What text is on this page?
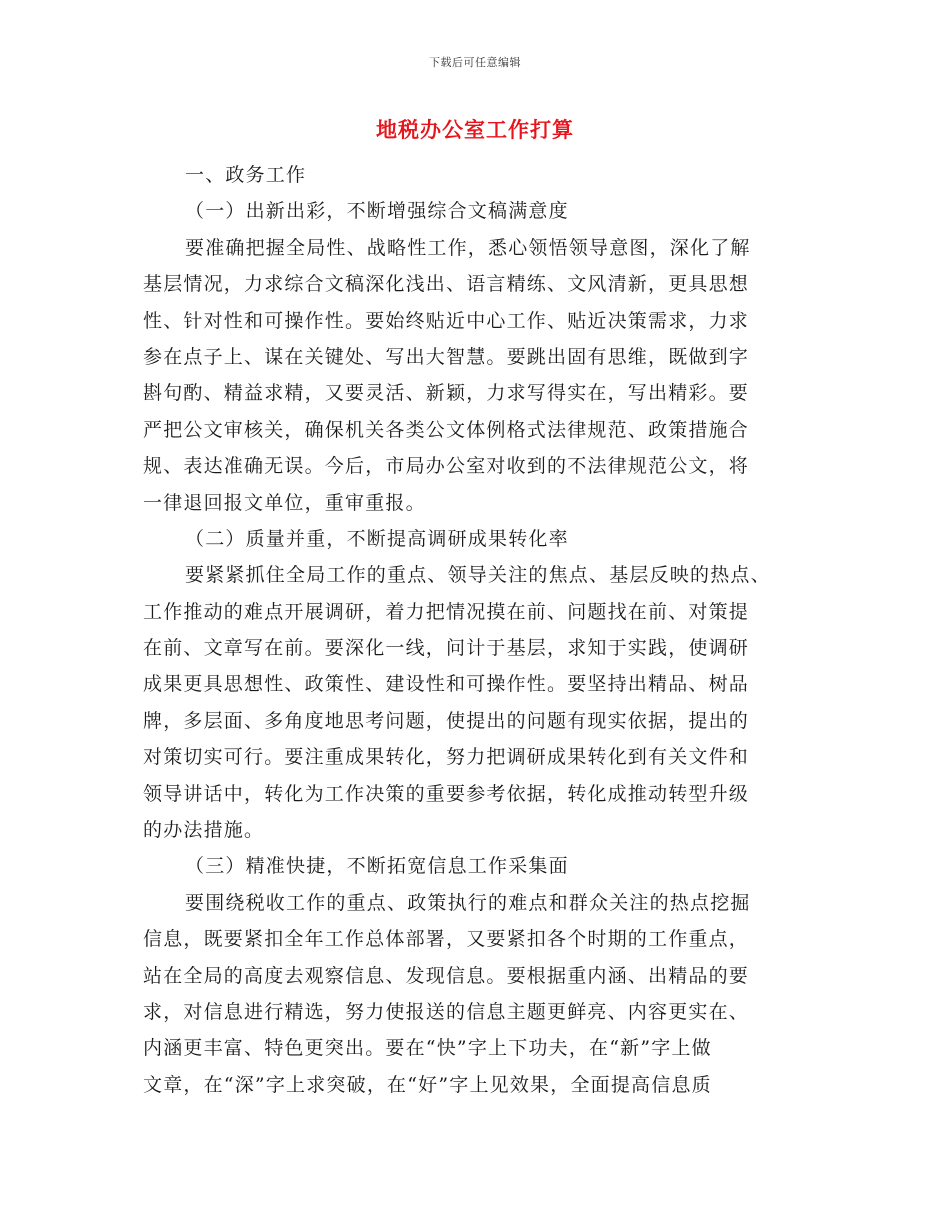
下载后可任意编辑
地税办公室工作打算
一、政务工作
（一）出新出彩，不断增强综合文稿满意度
要准确把握全局性、战略性工作，悉心领悟领导意图，深化了解
基层情况，力求综合文稿深化浅出、语言精练、文风清新，更具思想
性、针对性和可操作性。要始终贴近中心工作、贴近决策需求，力求
参在点子上、谋在关键处、写出大智慧。要跳出固有思维，既做到字
斟句酌、精益求精，又要灵活、新颖，力求写得实在，写出精彩。要
严把公文审核关，确保机关各类公文体例格式法律规范、政策措施合
规、表达准确无误。今后，市局办公室对收到的不法律规范公文，将
一律退回报文单位，重审重报。
（二）质量并重，不断提高调研成果转化率
要紧紧抓住全局工作的重点、领导关注的焦点、基层反映的热点、
工作推动的难点开展调研，着力把情况摸在前、问题找在前、对策提
在前、文章写在前。要深化一线，问计于基层，求知于实践，使调研
成果更具思想性、政策性、建设性和可操作性。要坚持出精品、树品
牌，多层面、多角度地思考问题，使提出的问题有现实依据，提出的
对策切实可行。要注重成果转化，努力把调研成果转化到有关文件和
领导讲话中，转化为工作决策的重要参考依据，转化成推动转型升级
的办法措施。
（三）精准快捷，不断拓宽信息工作采集面
要围绕税收工作的重点、政策执行的难点和群众关注的热点挖掘
信息，既要紧扣全年工作总体部署，又要紧扣各个时期的工作重点，
站在全局的高度去观察信息、发现信息。要根据重内涵、出精品的要
求，对信息进行精选，努力使报送的信息主题更鲜亮、内容更实在、
内涵更丰富、特色更突出。要在“快”字上下功夫，在“新”字上做
文章，在“深”字上求突破，在“好”字上见效果，全面提高信息质
